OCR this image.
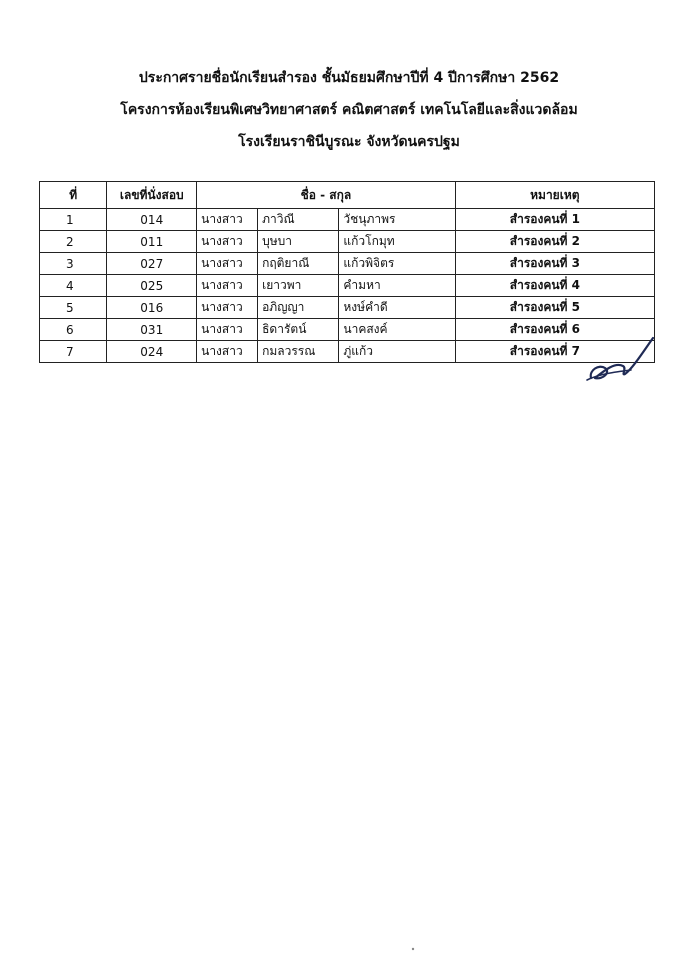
ประกาศรายชื่อนักเรียนสำรอง ชั้นมัธยมศึกษาปีที่ 4 ปีการศึกษา 2562
โครงการห้องเรียนพิเศษวิทยาศาสตร์ คณิตศาสตร์ เทคโนโลยีและสิ่งแวดล้อม
โรงเรียนราชินีบูรณะ จังหวัดนครปฐม
ที่	เลขที่นั่งสอบ	ชื่อ - สกุล			หมายเหตุ
1	014	นางสาว	ภาวิณี	วัชนุภาพร	สำรองคนที่ 1
2	011	นางสาว	บุษบา	แก้วโกมุท	สำรองคนที่ 2
3	027	นางสาว	กฤติยาณี	แก้วพิจิตร	สำรองคนที่ 3
4	025	นางสาว	เยาวพา	คำมหา	สำรองคนที่ 4
5	016	นางสาว	อภิญญา	หงษ์คำดี	สำรองคนที่ 5
6	031	นางสาว	ธิดารัตน์	นาคสงค์	สำรองคนที่ 6
7	024	นางสาว	กมลวรรณ	ภู่แก้ว	สำรองคนที่ 7
